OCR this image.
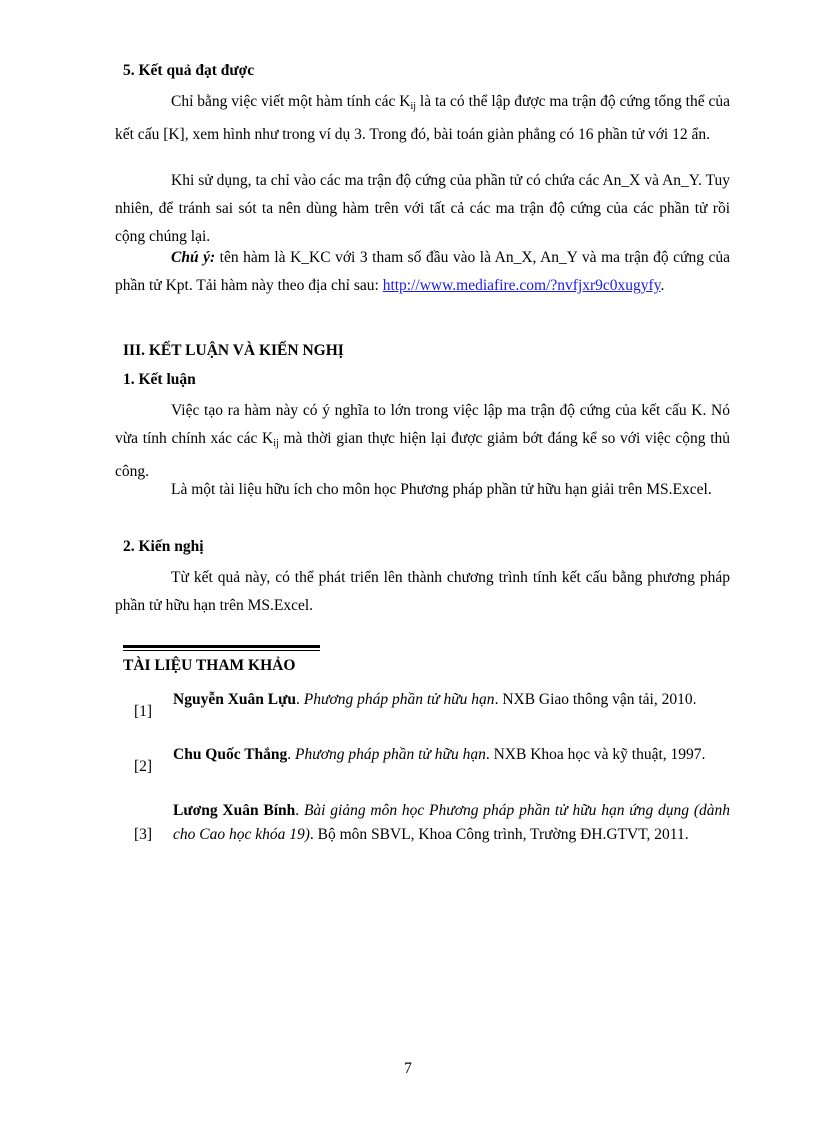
5. Kết quả đạt được

Chỉ bằng việc viết một hàm tính các $K_{ij}$ là ta có thể lập được ma trận độ cứng tổng thể của kết cấu [K], xem hình như trong ví dụ 3. Trong đó, bài toán giàn phẳng có 16 phần tử với 12 ẩn.

Khi sử dụng, ta chỉ vào các ma trận độ cứng của phần tử có chứa các An_X và An_Y. Tuy nhiên, để tránh sai sót ta nên dùng hàm trên với tất cả các ma trận độ cứng của các phần tử rồi cộng chúng lại.

Chú ý: tên hàm là K_KC với 3 tham số đầu vào là An_X, An_Y và ma trận độ cứng của phần tử Kpt. Tải hàm này theo địa chỉ sau: http://www.mediafire.com/?nvfjxr9c0xugyfy.

III. KẾT LUẬN VÀ KIẾN NGHỊ

1. Kết luận

Việc tạo ra hàm này có ý nghĩa to lớn trong việc lập ma trận độ cứng của kết cấu K. Nó vừa tính chính xác các $K_{ij}$ mà thời gian thực hiện lại được giảm bớt đáng kể so với việc cộng thủ công.

Là một tài liệu hữu ích cho môn học Phương pháp phần tử hữu hạn giải trên MS.Excel.

2. Kiến nghị

Từ kết quả này, có thể phát triển lên thành chương trình tính kết cấu bằng phương pháp phần tử hữu hạn trên MS.Excel.

TÀI LIỆU THAM KHẢO

[1]
Nguyễn Xuân Lựu. Phương pháp phần tử hữu hạn. NXB Giao thông vận tải, 2010.
[2]
Chu Quốc Thắng. Phương pháp phần tử hữu hạn. NXB Khoa học và kỹ thuật, 1997.
[3]
Lương Xuân Bính. Bài giảng môn học Phương pháp phần tử hữu hạn ứng dụng (dành cho Cao học khóa 19). Bộ môn SBVL, Khoa Công trình, Trường ĐH.GTVT, 2011.
7
